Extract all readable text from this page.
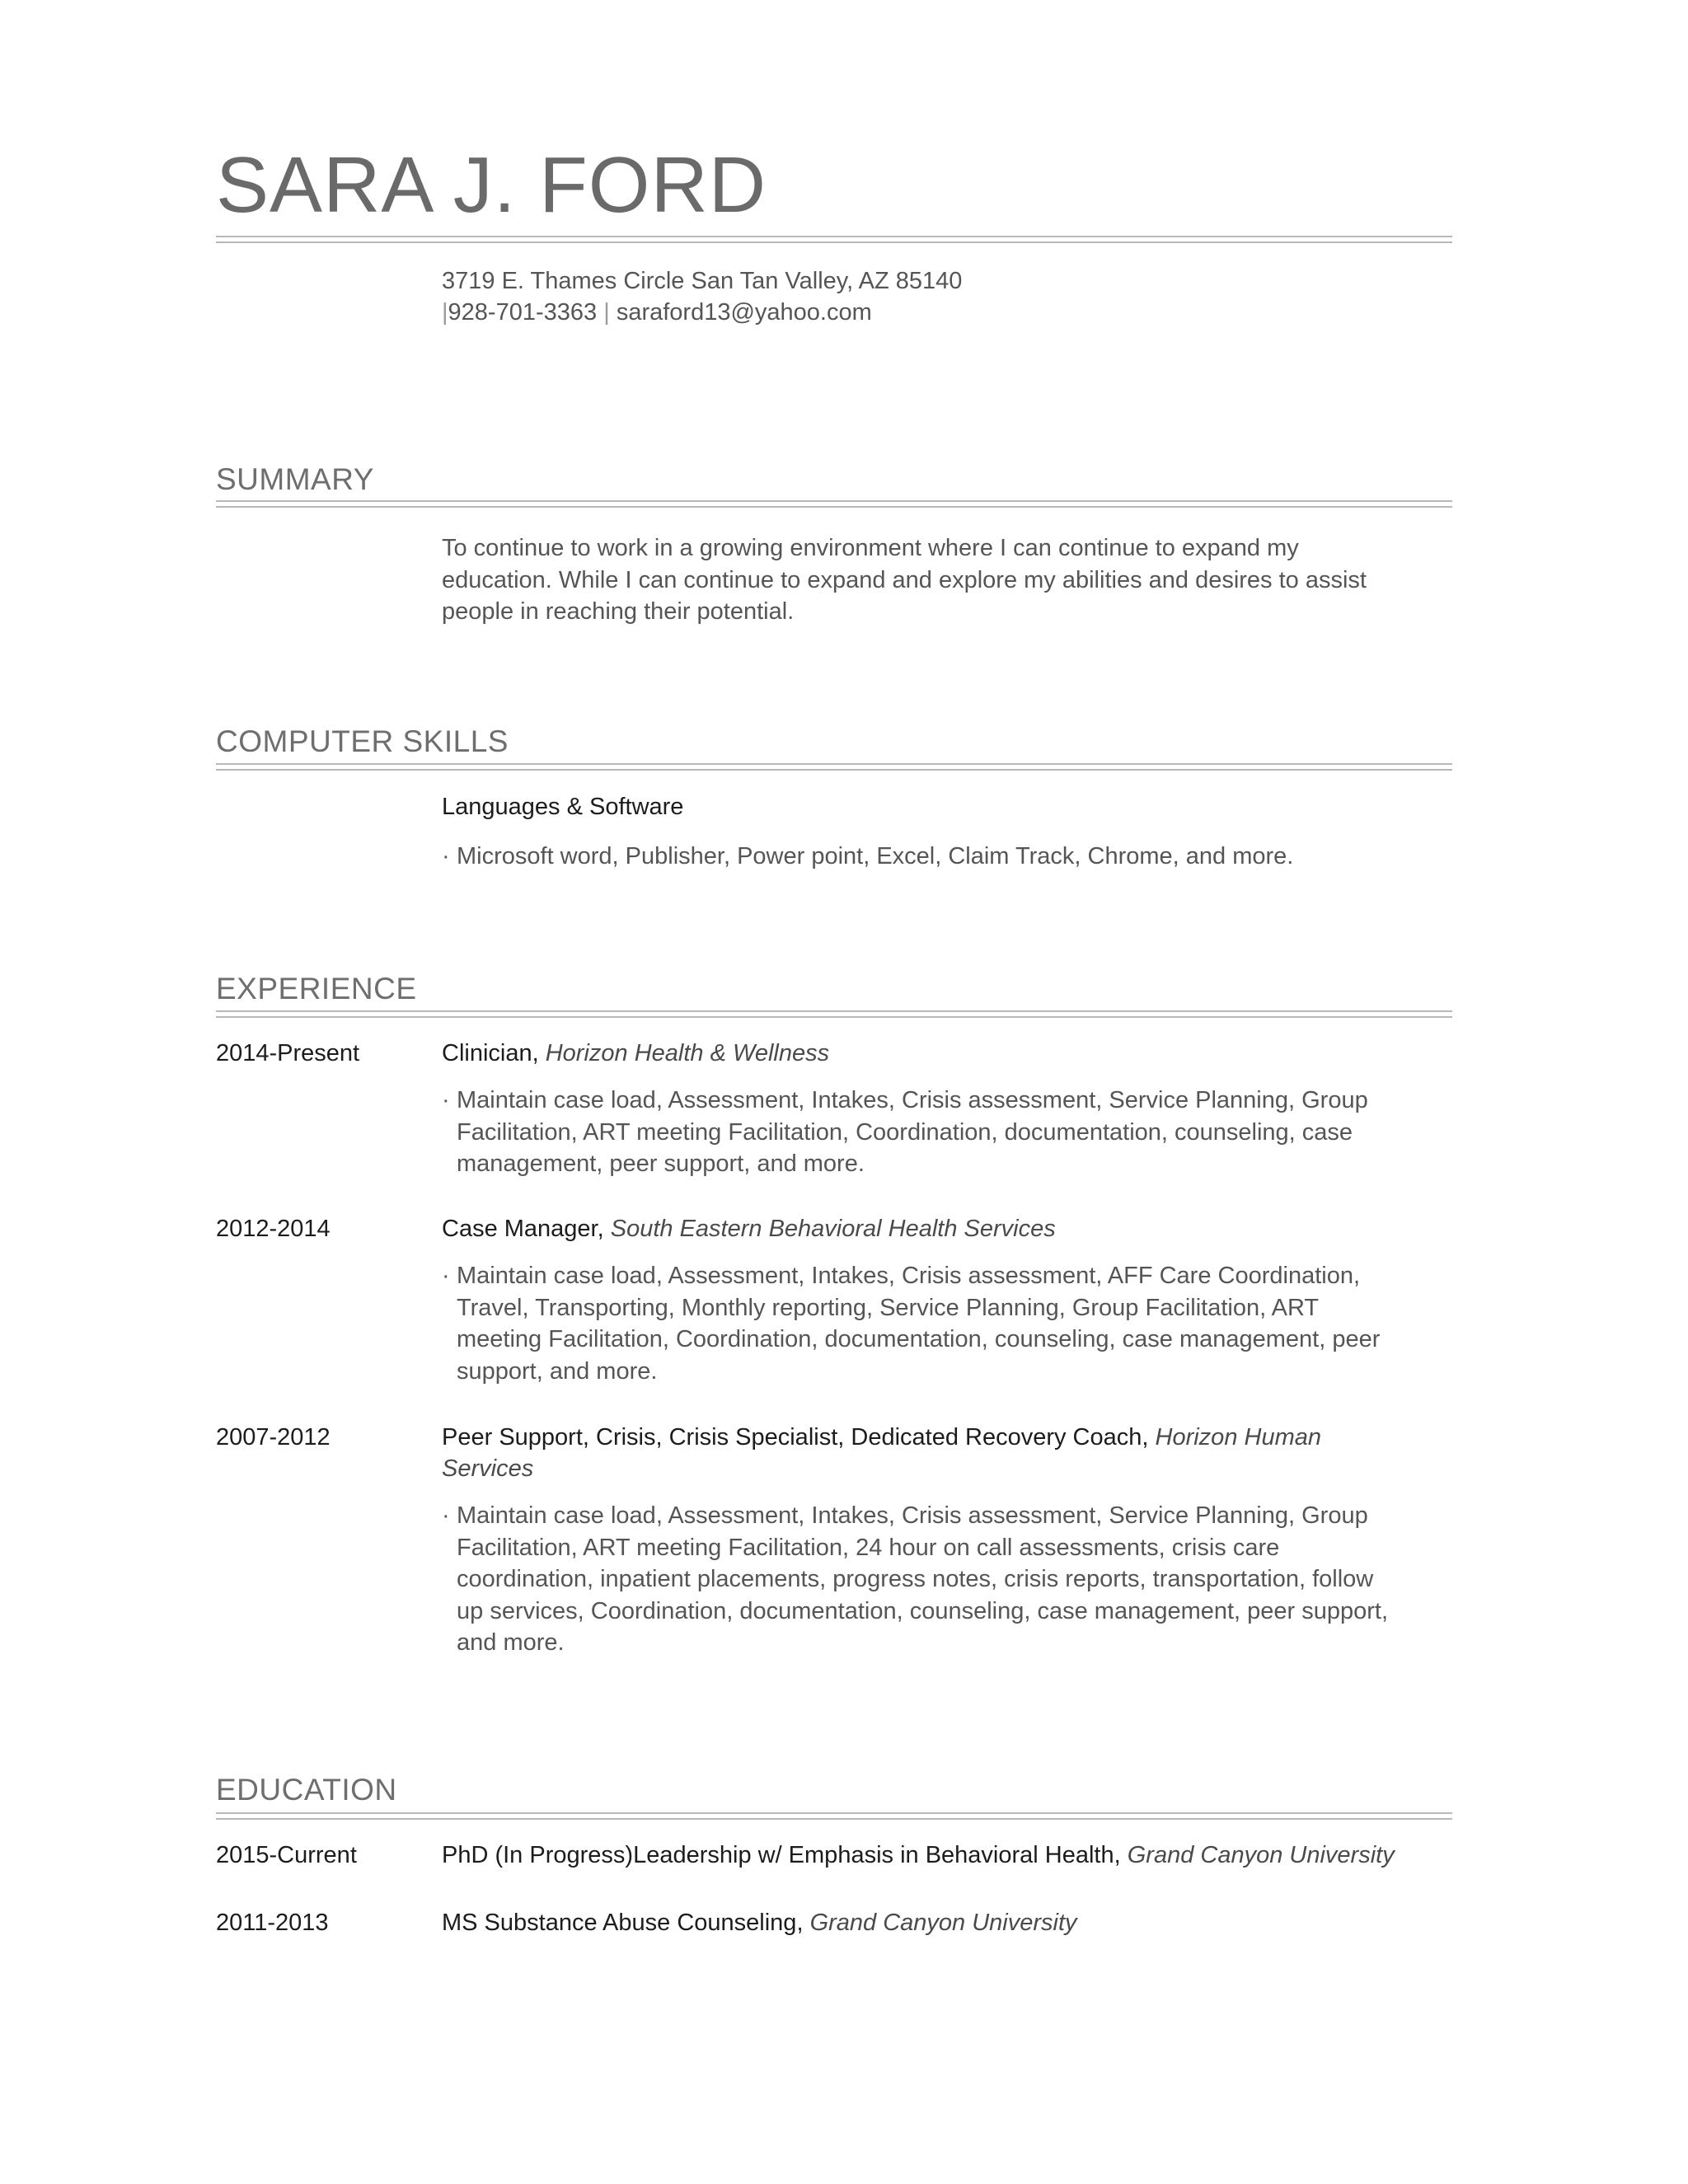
SARA J. FORD
3719 E. Thames Circle San Tan Valley, AZ 85140
|928-701-3363 | saraford13@yahoo.com
SUMMARY
To continue to work in a growing environment where I can continue to expand my education. While I can continue to expand and explore my abilities and desires to assist people in reaching their potential.
COMPUTER SKILLS
Languages & Software
· Microsoft word, Publisher, Power point, Excel, Claim Track, Chrome, and more.
EXPERIENCE
2014-Present	Clinician, Horizon Health & Wellness
· Maintain case load, Assessment, Intakes, Crisis assessment, Service Planning, Group Facilitation, ART meeting Facilitation, Coordination, documentation, counseling, case management, peer support, and more.
2012-2014	Case Manager, South Eastern Behavioral Health Services
· Maintain case load, Assessment, Intakes, Crisis assessment, AFF Care Coordination, Travel, Transporting, Monthly reporting, Service Planning, Group Facilitation, ART meeting Facilitation, Coordination, documentation, counseling, case management, peer support, and more.
2007-2012	Peer Support, Crisis, Crisis Specialist, Dedicated Recovery Coach, Horizon Human Services
· Maintain case load, Assessment, Intakes, Crisis assessment, Service Planning, Group Facilitation, ART meeting Facilitation, 24 hour on call assessments, crisis care coordination, inpatient placements, progress notes, crisis reports, transportation, follow up services, Coordination, documentation, counseling, case management, peer support, and more.
EDUCATION
2015-Current	PhD (In Progress)Leadership w/ Emphasis in Behavioral Health, Grand Canyon University
2011-2013	MS Substance Abuse Counseling, Grand Canyon University
